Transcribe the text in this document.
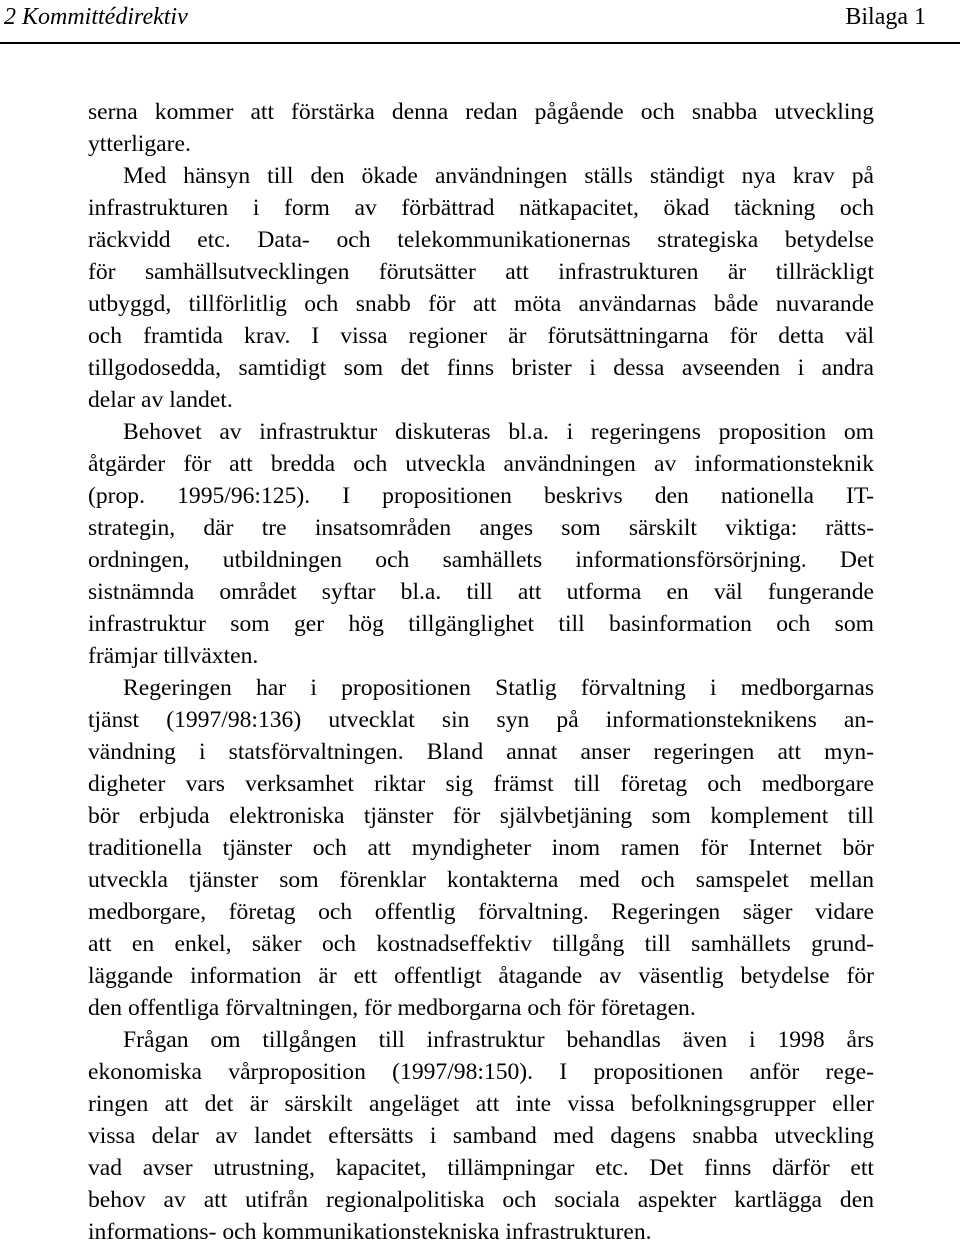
2 Kommittédirektiv	Bilaga 1
serna kommer att förstärka denna redan pågående och snabba utveckling
ytterligare.
Med hänsyn till den ökade användningen ställs ständigt nya krav på
infrastrukturen i form av förbättrad nätkapacitet, ökad täckning och
räckvidd etc. Data- och telekommunikationernas strategiska betydelse
för samhällsutvecklingen förutsätter att infrastrukturen är tillräckligt
utbyggd, tillförlitlig och snabb för att möta användarnas både nuvarande
och framtida krav. I vissa regioner är förutsättningarna för detta väl
tillgodosedda, samtidigt som det finns brister i dessa avseenden i andra
delar av landet.
Behovet av infrastruktur diskuteras bl.a. i regeringens proposition om
åtgärder för att bredda och utveckla användningen av informationsteknik
(prop. 1995/96:125). I propositionen beskrivs den nationella IT-
strategin, där tre insatsområden anges som särskilt viktiga: rätts-
ordningen, utbildningen och samhällets informationsförsörjning. Det
sistnämnda området syftar bl.a. till att utforma en väl fungerande
infrastruktur som ger hög tillgänglighet till basinformation och som
främjar tillväxten.
Regeringen har i propositionen Statlig förvaltning i medborgarnas
tjänst (1997/98:136) utvecklat sin syn på informationsteknikens an-
vändning i statsförvaltningen. Bland annat anser regeringen att myn-
digheter vars verksamhet riktar sig främst till företag och medborgare
bör erbjuda elektroniska tjänster för självbetjäning som komplement till
traditionella tjänster och att myndigheter inom ramen för Internet bör
utveckla tjänster som förenklar kontakterna med och samspelet mellan
medborgare, företag och offentlig förvaltning. Regeringen säger vidare
att en enkel, säker och kostnadseffektiv tillgång till samhällets grund-
läggande information är ett offentligt åtagande av väsentlig betydelse för
den offentliga förvaltningen, för medborgarna och för företagen.
Frågan om tillgången till infrastruktur behandlas även i 1998 års
ekonomiska vårproposition (1997/98:150). I propositionen anför rege-
ringen att det är särskilt angeläget att inte vissa befolkningsgrupper eller
vissa delar av landet eftersätts i samband med dagens snabba utveckling
vad avser utrustning, kapacitet, tillämpningar etc. Det finns därför ett
behov av att utifrån regionalpolitiska och sociala aspekter kartlägga den
informations- och kommunikationstekniska infrastrukturen.
